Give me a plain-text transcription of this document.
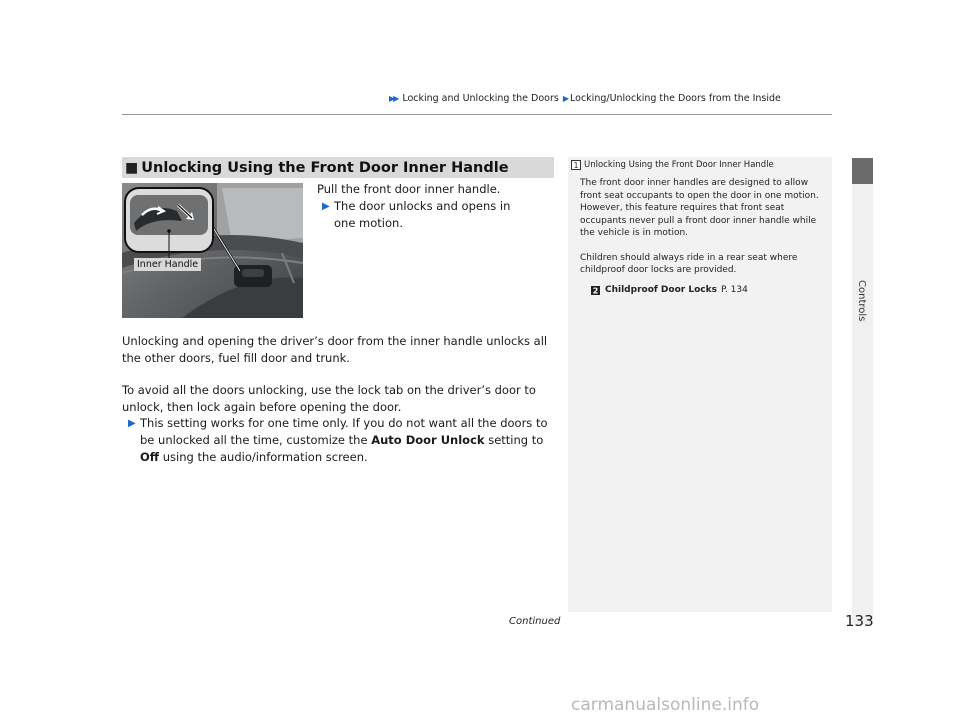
▶▶ Locking and Unlocking the Doors ▶ Locking/Unlocking the Doors from the Inside
Controls
■ Unlocking Using the Front Door Inner Handle
Inner Handle
Pull the front door inner handle.
▶ The door unlocks and opens in one motion.
Unlocking and opening the driver’s door from the inner handle unlocks all the other doors, fuel fill door and trunk.
To avoid all the doors unlocking, use the lock tab on the driver’s door to unlock, then lock again before opening the door.
▶ This setting works for one time only. If you do not want all the doors to be unlocked all the time, customize the Auto Door Unlock setting to Off using the audio/information screen.
1 Unlocking Using the Front Door Inner Handle
The front door inner handles are designed to allow front seat occupants to open the door in one motion. However, this feature requires that front seat occupants never pull a front door inner handle while the vehicle is in motion.
Children should always ride in a rear seat where childproof door locks are provided.
2 Childproof Door Locks P. 134
Continued	133
carmanualsonline.info
